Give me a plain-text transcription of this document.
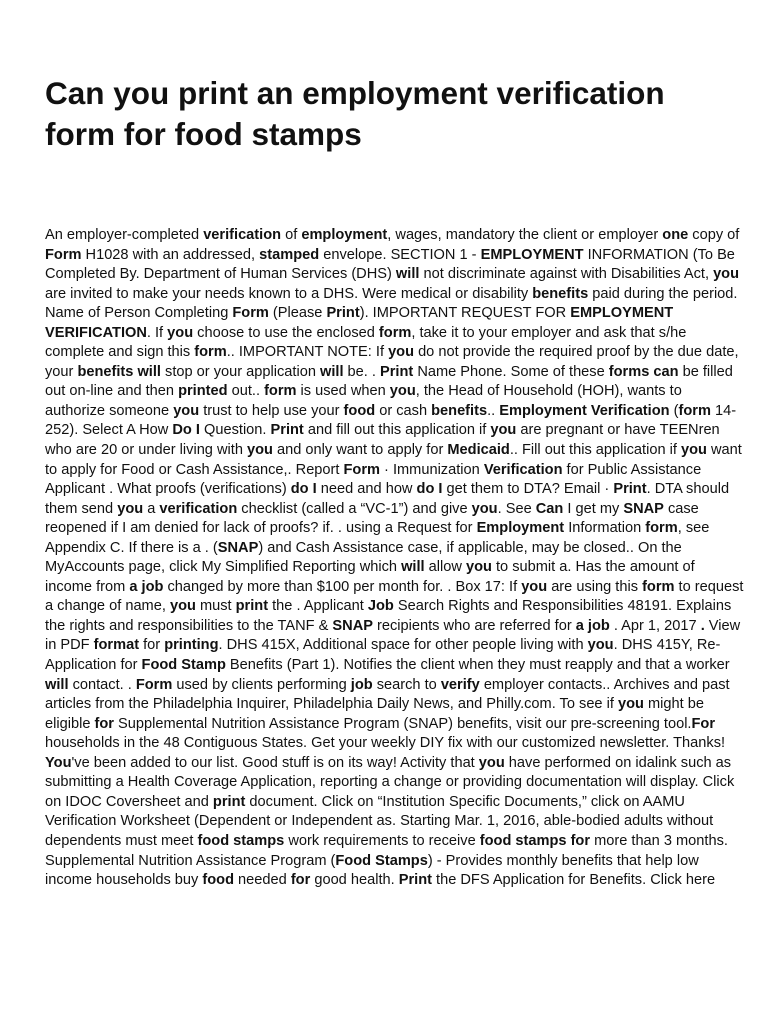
Can you print an employment verification form for food stamps

An employer-completed verification of employment, wages, mandatory the client or employer one copy of Form H1028 with an addressed, stamped envelope. SECTION 1 - EMPLOYMENT INFORMATION (To Be Completed By. Department of Human Services (DHS) will not discriminate against with Disabilities Act, you are invited to make your needs known to a DHS. Were medical or disability benefits paid during the period. Name of Person Completing Form (Please Print). IMPORTANT REQUEST FOR EMPLOYMENT VERIFICATION. If you choose to use the enclosed form, take it to your employer and ask that s/he complete and sign this form.. IMPORTANT NOTE: If you do not provide the required proof by the due date, your benefits will stop or your application will be. . Print Name Phone. Some of these forms can be filled out on-line and then printed out.. form is used when you, the Head of Household (HOH), wants to authorize someone you trust to help use your food or cash benefits.. Employment Verification (form 14-252). Select A How Do I Question. Print and fill out this application if you are pregnant or have TEENren who are 20 or under living with you and only want to apply for Medicaid.. Fill out this application if you want to apply for Food or Cash Assistance,. Report Form · Immunization Verification for Public Assistance Applicant . What proofs (verifications) do I need and how do I get them to DTA? Email · Print. DTA should them send you a verification checklist (called a “VC-1”) and give you. See Can I get my SNAP case reopened if I am denied for lack of proofs? if. . using a Request for Employment Information form, see Appendix C. If there is a . (SNAP) and Cash Assistance case, if applicable, may be closed.. On the MyAccounts page, click My Simplified Reporting which will allow you to submit a. Has the amount of income from a job changed by more than $100 per month for. . Box 17: If you are using this form to request a change of name, you must print the . Applicant Job Search Rights and Responsibilities 48191. Explains the rights and responsibilities to the TANF & SNAP recipients who are referred for a job . Apr 1, 2017 . View in PDF format for printing. DHS 415X, Additional space for other people living with you. DHS 415Y, Re-Application for Food Stamp Benefits (Part 1). Notifies the client when they must reapply and that a worker will contact. . Form used by clients performing job search to verify employer contacts.. Archives and past articles from the Philadelphia Inquirer, Philadelphia Daily News, and Philly.com. To see if you might be eligible for Supplemental Nutrition Assistance Program (SNAP) benefits, visit our pre-screening tool.For households in the 48 Contiguous States. Get your weekly DIY fix with our customized newsletter. Thanks! You've been added to our list. Good stuff is on its way! Activity that you have performed on idalink such as submitting a Health Coverage Application, reporting a change or providing documentation will display. Click on IDOC Coversheet and print document. Click on “Institution Specific Documents,” click on AAMU Verification Worksheet (Dependent or Independent as. Starting Mar. 1, 2016, able-bodied adults without dependents must meet food stamps work requirements to receive food stamps for more than 3 months. Supplemental Nutrition Assistance Program (Food Stamps) - Provides monthly benefits that help low income households buy food needed for good health. Print the DFS Application for Benefits. Click here
